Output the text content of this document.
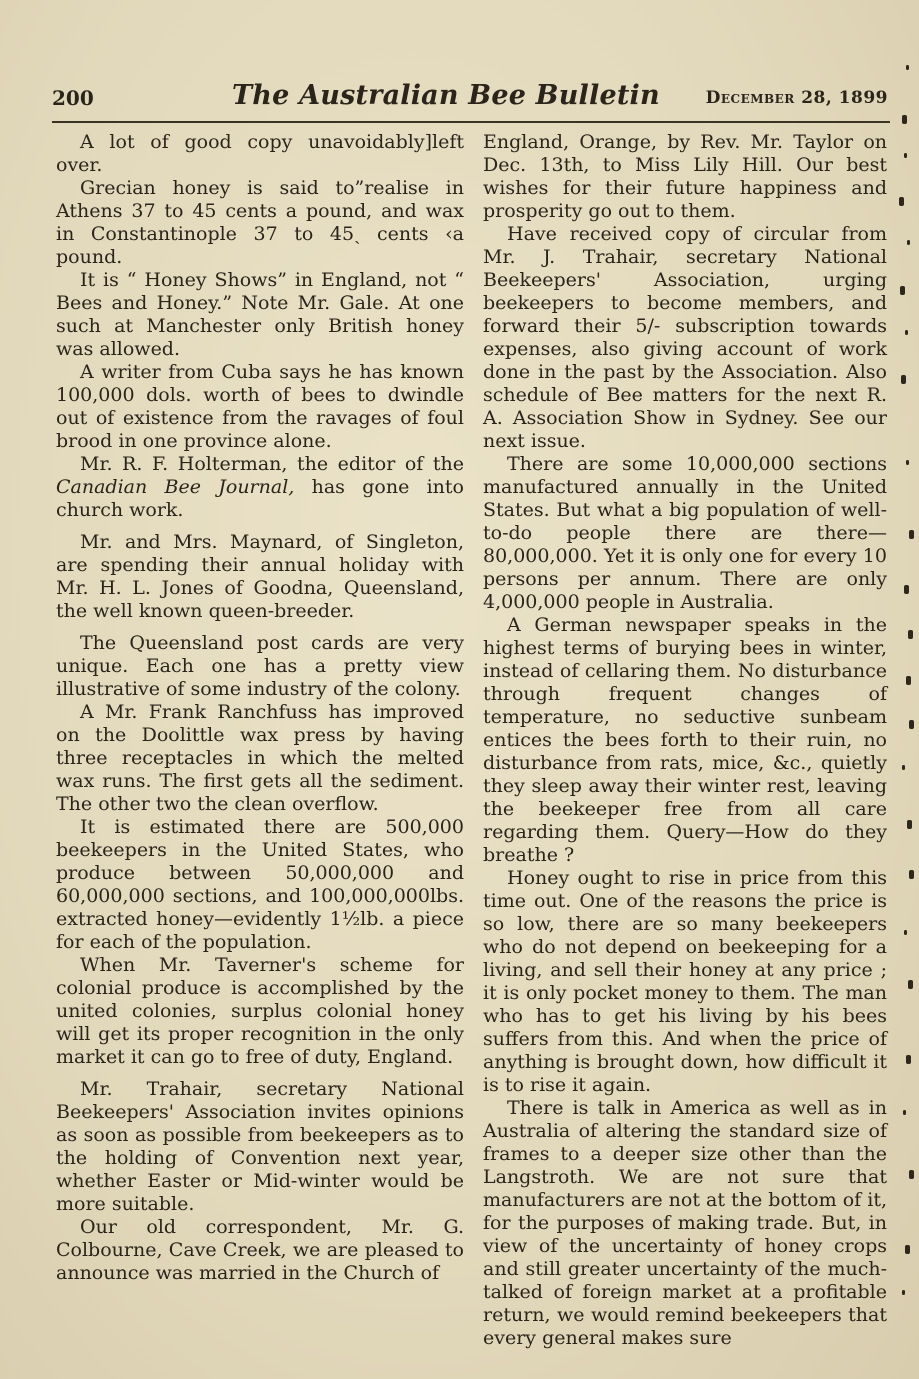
200	The Australian Bee Bulletin	December 28, 1899

A lot of good copy unavoidably]left over.

Grecian honey is said to”realise in Athens 37 to 45 cents a pound, and wax in Constantinople 37 to 45ˎ cents ‹a pound.

It is “ Honey Shows” in England, not “ Bees and Honey.” Note Mr. Gale. At one such at Manchester only British honey was allowed.

A writer from Cuba says he has known 100,000 dols. worth of bees to dwindle out of existence from the ravages of foul brood in one province alone.

Mr. R. F. Holterman, the editor of the Canadian Bee Journal, has gone into church work.

Mr. and Mrs. Maynard, of Singleton, are spending their annual holiday with Mr. H. L. Jones of Goodna, Queensland, the well known queen-breeder.

The Queensland post cards are very unique. Each one has a pretty view illustrative of some industry of the colony.

A Mr. Frank Ranchfuss has improved on the Doolittle wax press by having three receptacles in which the melted wax runs. The first gets all the sediment. The other two the clean overflow.

It is estimated there are 500,000 beekeepers in the United States, who produce between 50,000,000 and 60,000,000 sections, and 100,000,000lbs. extracted honey—evidently 1½lb. a piece for each of the population.

When Mr. Taverner's scheme for colonial produce is accomplished by the united colonies, surplus colonial honey will get its proper recognition in the only market it can go to free of duty, England.

Mr. Trahair, secretary National Beekeepers' Association invites opinions as soon as possible from beekeepers as to the holding of Convention next year, whether Easter or Mid-winter would be more suitable.

Our old correspondent, Mr. G. Colbourne, Cave Creek, we are pleased to announce was married in the Church of

England, Orange, by Rev. Mr. Taylor on Dec. 13th, to Miss Lily Hill. Our best wishes for their future happiness and prosperity go out to them.

Have received copy of circular from Mr. J. Trahair, secretary National Beekeepers' Association, urging beekeepers to become members, and forward their 5/- subscription towards expenses, also giving account of work done in the past by the Association. Also schedule of Bee matters for the next R. A. Association Show in Sydney. See our next issue.

There are some 10,000,000 sections manufactured annually in the United States. But what a big population of well-to-do people there are there— 80,000,000. Yet it is only one for every 10 persons per annum. There are only 4,000,000 people in Australia.

A German newspaper speaks in the highest terms of burying bees in winter, instead of cellaring them. No disturbance through frequent changes of temperature, no seductive sunbeam entices the bees forth to their ruin, no disturbance from rats, mice, &c., quietly they sleep away their winter rest, leaving the beekeeper free from all care regarding them. Query—How do they breathe ?

Honey ought to rise in price from this time out. One of the reasons the price is so low, there are so many beekeepers who do not depend on beekeeping for a living, and sell their honey at any price ; it is only pocket money to them. The man who has to get his living by his bees suffers from this. And when the price of anything is brought down, how difficult it is to rise it again.

There is talk in America as well as in Australia of altering the standard size of frames to a deeper size other than the Langstroth. We are not sure that manufacturers are not at the bottom of it, for the purposes of making trade. But, in view of the uncertainty of honey crops and still greater uncertainty of the much-talked of foreign market at a profitable return, we would remind beekeepers that every general makes sure
